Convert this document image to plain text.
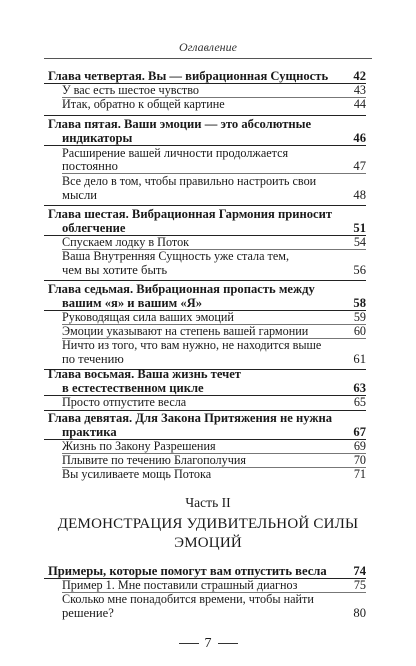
Оглавление
Глава четвертая. Вы — вибрационная Сущность 42
У вас есть шестое чувство	43
Итак, обратно к общей картине	44
Глава пятая. Ваши эмоции — это абсолютные
индикаторы	46
Расширение вашей личности продолжается
постоянно	47
Все дело в том, чтобы правильно настроить свои
мысли	48
Глава шестая. Вибрационная Гармония приносит
облегчение	51
Спускаем лодку в Поток	54
Ваша Внутренняя Сущность уже стала тем,
чем вы хотите быть	56
Глава седьмая. Вибрационная пропасть между
вашим «я» и вашим «Я»	58
Руководящая сила ваших эмоций	59
Эмоции указывают на степень вашей гармонии	60
Ничто из того, что вам нужно, не находится выше
по течению	61
Глава восьмая. Ваша жизнь течет
в естестественном цикле	63
Просто отпустите весла	65
Глава девятая. Для Закона Притяжения не нужна
практика	67
Жизнь по Закону Разрешения	69
Плывите по течению Благополучия	70
Вы усиливаете мощь Потока	71
Часть II
ДЕМОНСТРАЦИЯ УДИВИТЕЛЬНОЙ СИЛЫ
ЭМОЦИЙ
Примеры, которые помогут вам отпустить весла 74
Пример 1. Мне поставили страшный диагноз	75
Сколько мне понадобится времени, чтобы найти
решение?	80
7
